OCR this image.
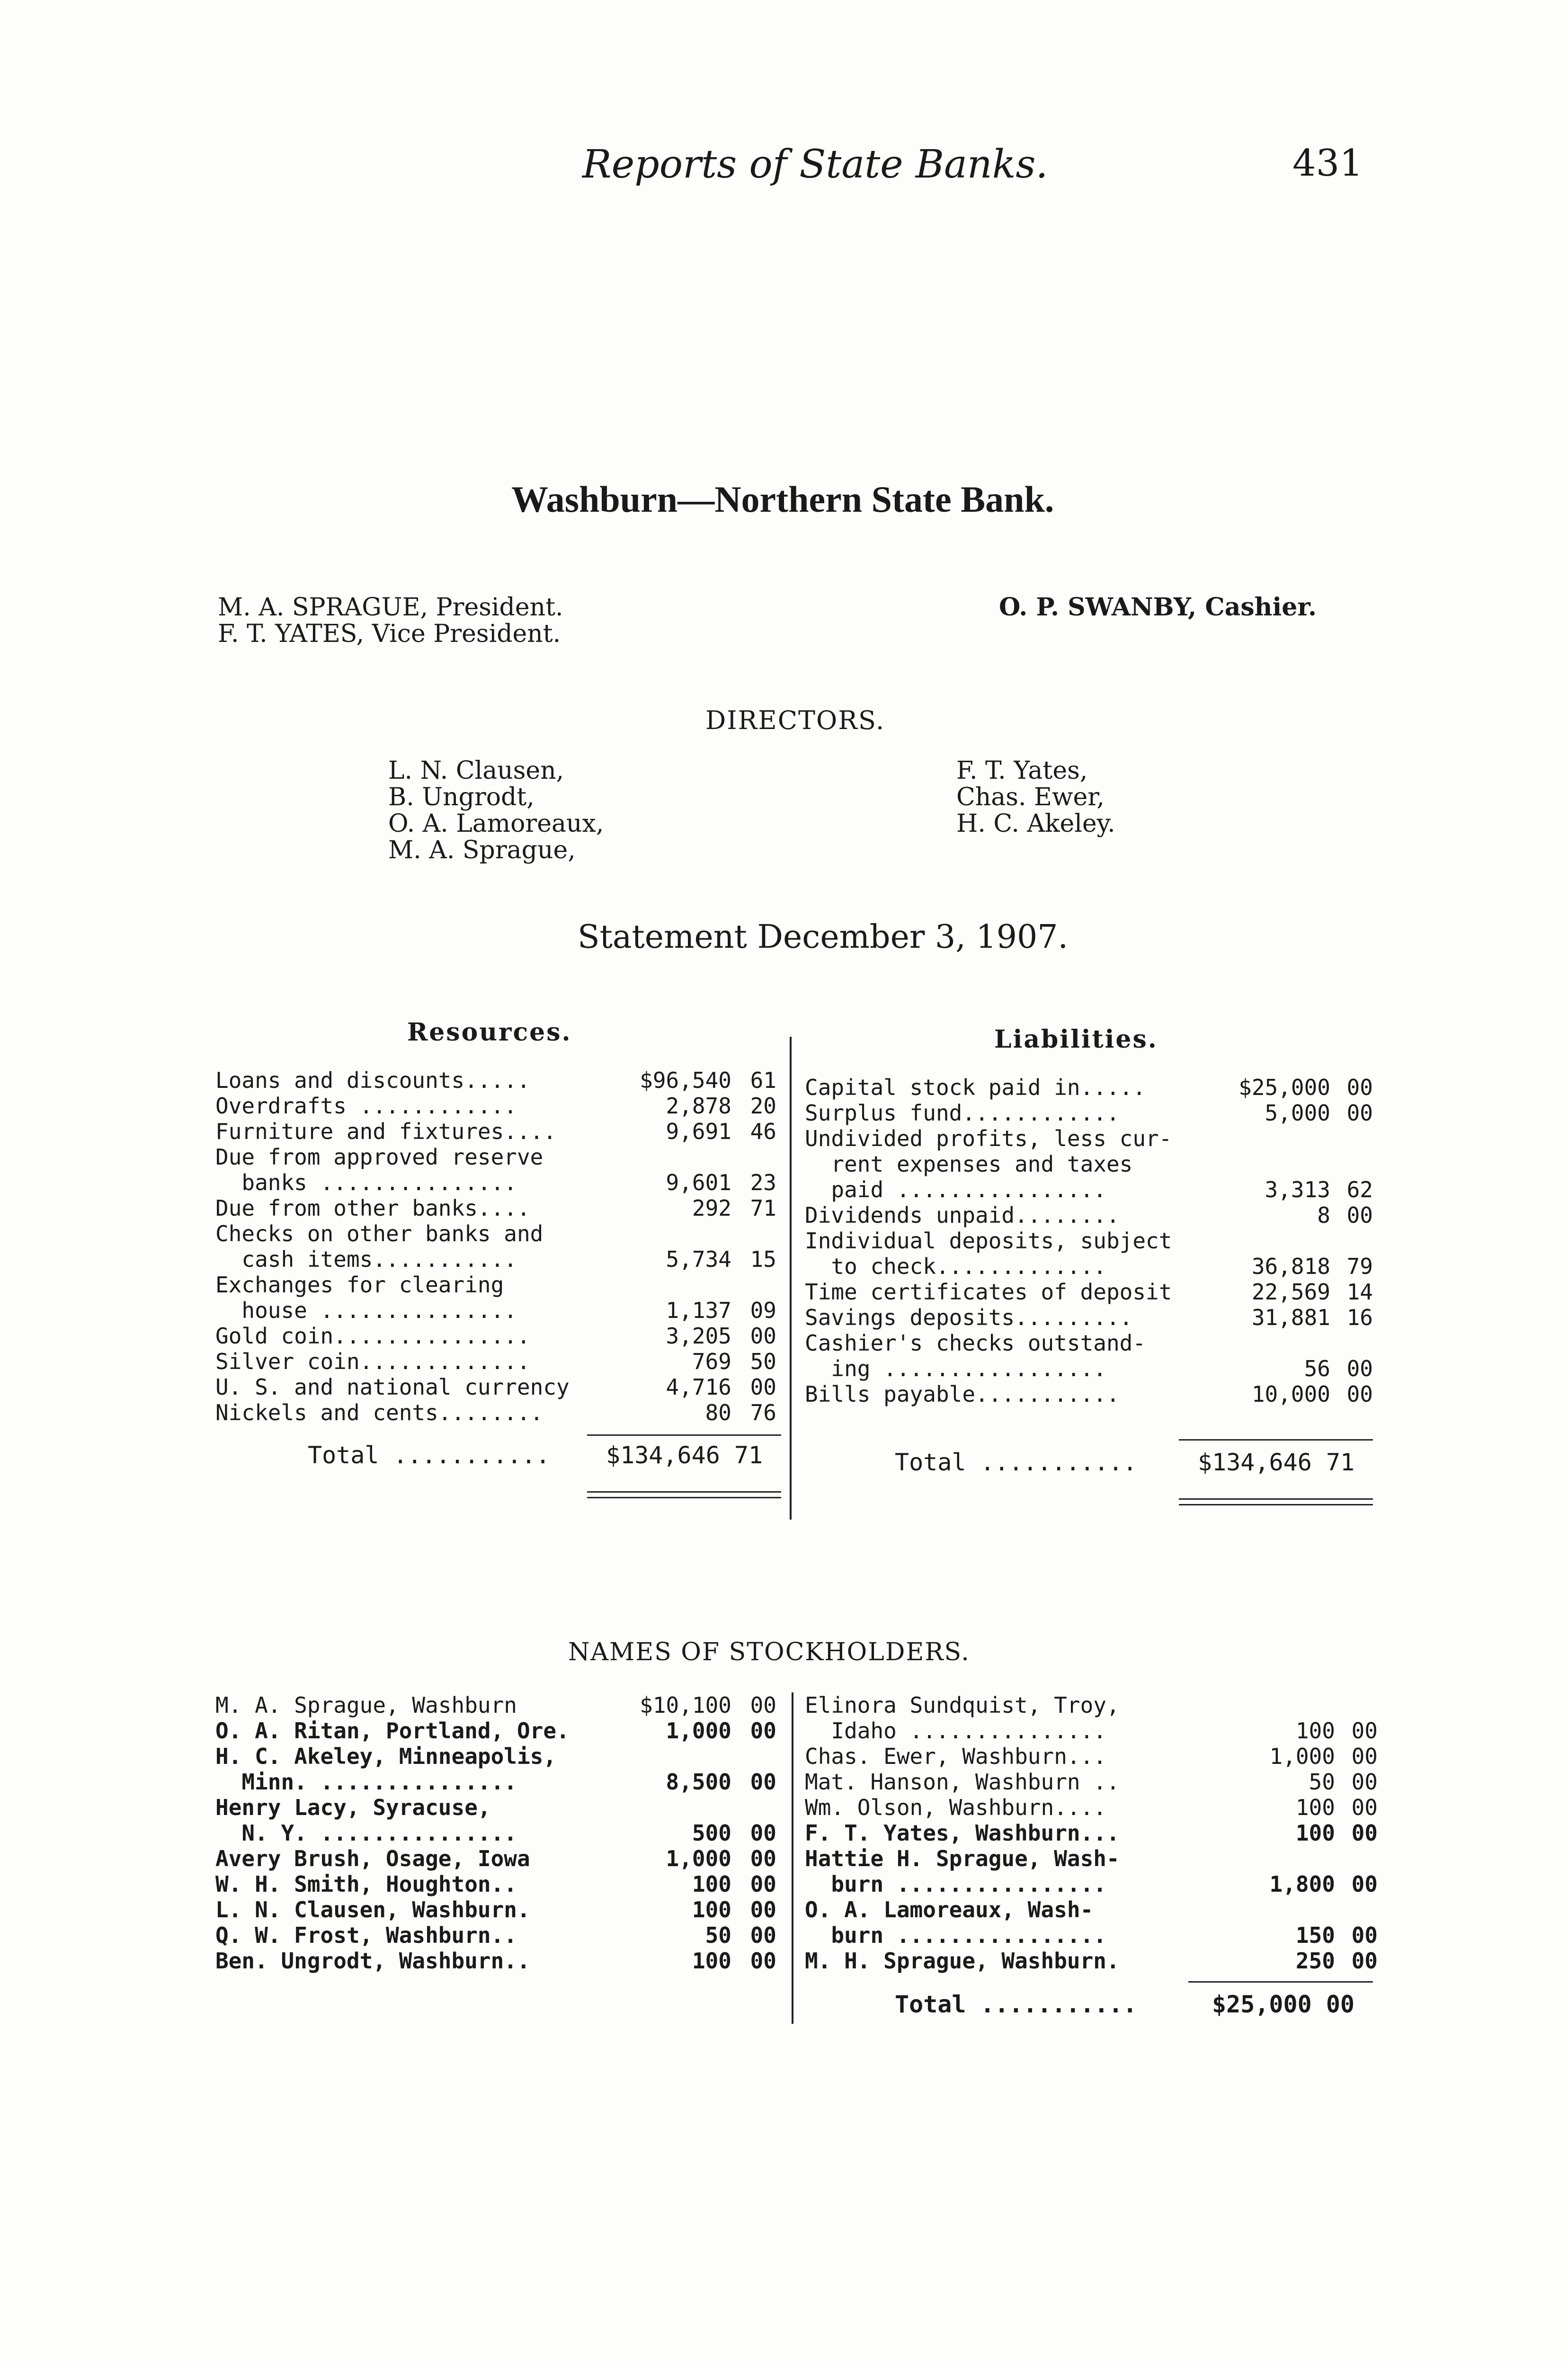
Reports of State Banks.	431
Washburn—Northern State Bank.
M. A. SPRAGUE, President.
F. T. YATES, Vice President.
O. P. SWANBY, Cashier.
DIRECTORS.
L. N. Clausen,
B. Ungrodt,
O. A. Lamoreaux,
M. A. Sprague,
F. T. Yates,
Chas. Ewer,
H. C. Akeley.
Statement December 3, 1907.
Resources.	Liabilities.
Loans and discounts.....	$96,540	61
Overdrafts ............	2,878	20
Furniture and fixtures....	9,691	46
Due from approved reserve		
banks ...............	9,601	23
Due from other banks....	292	71
Checks on other banks and		
cash items...........	5,734	15
Exchanges for clearing		
house ...............	1,137	09
Gold coin...............	3,205	00
Silver coin.............	769	50
U. S. and national currency	4,716	00
Nickels and cents........	80	76
Capital stock paid in.....	$25,000	00
Surplus fund............	5,000	00
Undivided profits, less cur-		
rent expenses and taxes		
paid ................	3,313	62
Dividends unpaid........	8	00
Individual deposits, subject		
to check.............	36,818	79
Time certificates of deposit	22,569	14
Savings deposits.........	31,881	16
Cashier's checks outstand-		
ing .................	56	00
Bills payable...........	10,000	00
Total ........... $134,646 71	Total ...........	$134,646 71
NAMES OF STOCKHOLDERS.
M. A. Sprague, Washburn	$10,100	00
O. A. Ritan, Portland, Ore.	1,000	00
H. C. Akeley, Minneapolis,		
Minn. ...............	8,500	00
Henry Lacy, Syracuse,		
N. Y. ...............	500	00
Avery Brush, Osage, Iowa	1,000	00
W. H. Smith, Houghton..	100	00
L. N. Clausen, Washburn.	100	00
Q. W. Frost, Washburn..	50	00
Ben. Ungrodt, Washburn..	100	00
Elinora Sundquist, Troy,		
Idaho ...............	100	00
Chas. Ewer, Washburn...	1,000	00
Mat. Hanson, Washburn ..	50	00
Wm. Olson, Washburn....	100	00
F. T. Yates, Washburn...	100	00
Hattie H. Sprague, Wash-		
burn ................	1,800	00
O. A. Lamoreaux, Wash-		
burn ................	150	00
M. H. Sprague, Washburn.	250	00
Total ...........	$25,000 00
